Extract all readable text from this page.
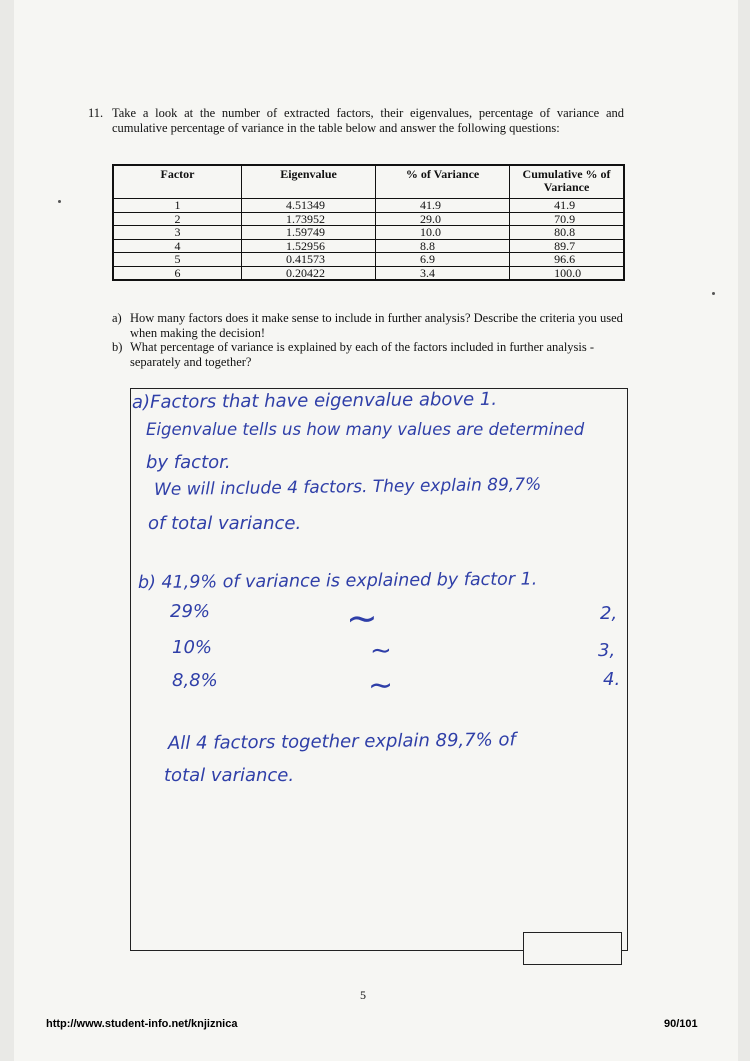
11. Take a look at the number of extracted factors, their eigenvalues, percentage of variance and cumulative percentage of variance in the table below and answer the following questions:
Factor	Eigenvalue	% of Variance	Cumulative % of Variance
1	4.51349	41.9	41.9
2	1.73952	29.0	70.9
3	1.59749	10.0	80.8
4	1.52956	8.8	89.7
5	0.41573	6.9	96.6
6	0.20422	3.4	100.0
a) How many factors does it make sense to include in further analysis? Describe the criteria you used when making the decision!
b) What percentage of variance is explained by each of the factors included in further analysis - separately and together?
a)Factors that have eigenvalue above 1.
Eigenvalue tells us how many values are determined
by factor.
We will include 4 factors. They explain 89,7%
of total variance.
b) 41,9% of variance is explained by factor 1.
29%	∼	2,
10%	∼	3,
8,8%	∼	4.
All 4 factors together explain 89,7% of
total variance.
5
http://www.student-info.net/knjiznica	90/101
